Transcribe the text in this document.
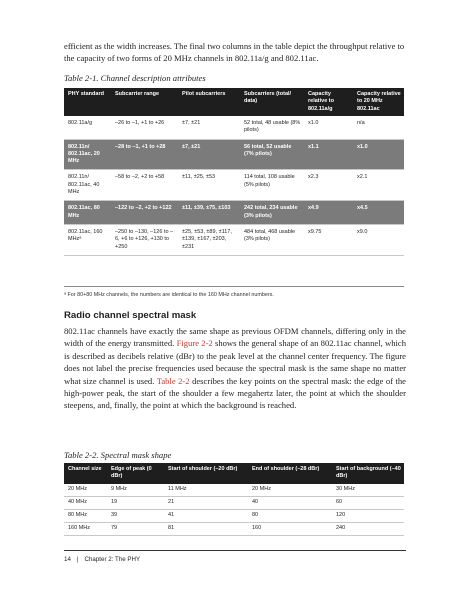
efficient as the width increases. The final two columns in the table depict the throughput relative to the capacity of two forms of 20 MHz channels in 802.11a/g and 802.11ac.

Table 2-1. Channel description attributes
PHY standard	Subcarrier range	Pilot subcarriers	Subcarriers (total/ data)	Capacity relative to 802.11a/g	Capacity relative to 20 MHz 802.11ac
802.11a/g	–26 to –1, +1 to +26	±7, ±21	52 total, 48 usable (8% pilots)	x1.0	n/a
802.11n/ 802.11ac, 20 MHz	–28 to –1, +1 to +28	±7, ±21	56 total, 52 usable (7% pilots)	x1.1	x1.0
802.11n/ 802.11ac, 40 MHz	–58 to –2, +2 to +58	±11, ±25, ±53	114 total, 108 usable (5% pilots)	x2.3	x2.1
802.11ac, 80 MHz	–122 to –2, +2 to +122	±11, ±39, ±75, ±103	242 total, 234 usable (3% pilots)	x4.9	x4.5
802.11ac, 160 MHzᵃ	–250 to –130, –126 to –6, +6 to +126, +130 to +250	±25, ±53, ±89, ±117, ±139, ±167, ±203, ±231	484 total, 468 usable (3% pilots)	x9.75	x9.0
ᵃ For 80+80 MHz channels, the numbers are identical to the 160 MHz channel numbers.
Radio channel spectral mask

802.11ac channels have exactly the same shape as previous OFDM channels, differing only in the width of the energy transmitted. Figure 2-2 shows the general shape of an 802.11ac channel, which is described as decibels relative (dBr) to the peak level at the channel center frequency. The figure does not label the precise frequencies used because the spectral mask is the same shape no matter what size channel is used. Table 2-2 describes the key points on the spectral mask: the edge of the high-power peak, the start of the shoulder a few megahertz later, the point at which the shoulder steepens, and, finally, the point at which the background is reached.

Table 2-2. Spectral mask shape
Channel size	Edge of peak (0 dBr)	Start of shoulder (–20 dBr)	End of shoulder (–28 dBr)	Start of background (–40 dBr)
20 MHz	9 MHz	11 MHz	20 MHz	30 MHz
40 MHz	19	21	40	60
80 MHz	39	41	80	120
160 MHz	79	81	160	240
14 | Chapter 2: The PHY
